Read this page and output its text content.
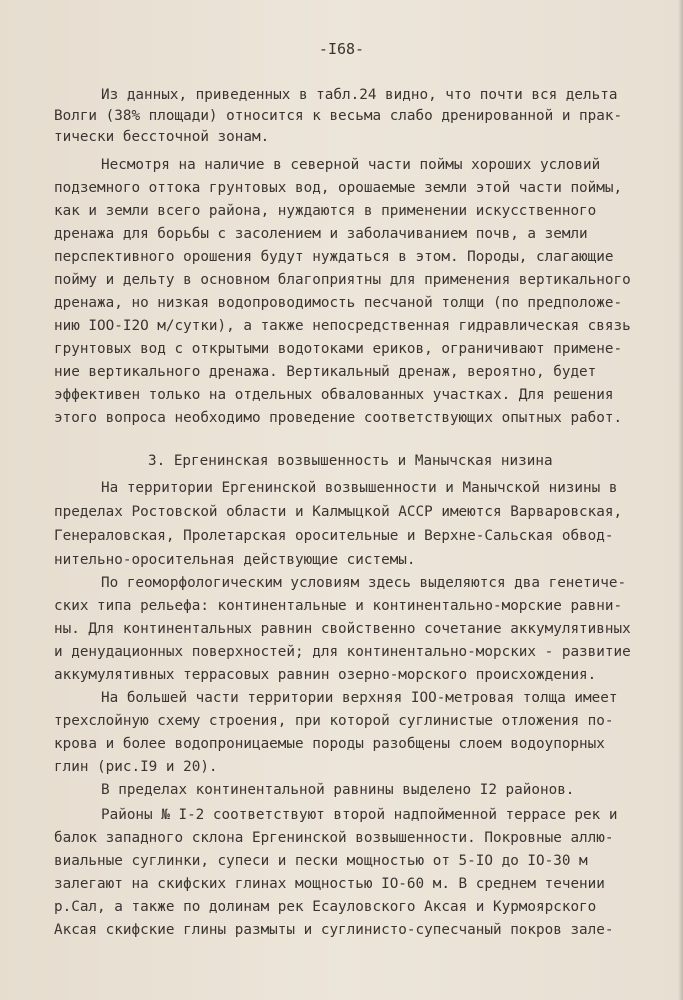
-I68-
Из данных, приведенных в табл.24 видно, что почти вся дельта
Волги (38% площади) относится к весьма слабо дренированной и прак-
тически бессточной зонам.
Несмотря на наличие в северной части поймы хороших условий
подземного оттока грунтовых вод, орошаемые земли этой части поймы,
как и земли всего района, нуждаются в применении искусственного
дренажа для борьбы с засолением и заболачиванием почв, а земли
перспективного орошения будут нуждаться в этом. Породы, слагающие
пойму и дельту в основном благоприятны для применения вертикального
дренажа, но низкая водопроводимость песчаной толщи (по предположе-
нию IOO-I2O м/сутки), а также непосредственная гидравлическая связь
грунтовых вод с открытыми водотоками ериков, ограничивают примене-
ние вертикального дренажа. Вертикальный дренаж, вероятно, будет
эффективен только на отдельных обвалованных участках. Для решения
этого вопроса необходимо проведение соответствующих опытных работ.
3. Ергенинская возвышенность и Манычская низина
На территории Ергенинской возвышенности и Манычской низины в
пределах Ростовской области и Калмыцкой АССР имеются Варваровская,
Генераловская, Пролетарская оросительные и Верхне-Сальская обвод-
нительно-оросительная действующие системы.
По геоморфологическим условиям здесь выделяются два генетиче-
ских типа рельефа: континентальные и континентально-морские равни-
ны. Для континентальных равнин свойственно сочетание аккумулятивных
и денудационных поверхностей; для континентально-морских - развитие
аккумулятивных террасовых равнин озерно-морского происхождения.
На большей части территории верхняя IOO-метровая толща имеет
трехслойную схему строения, при которой суглинистые отложения по-
крова и более водопроницаемые породы разобщены слоем водоупорных
глин (рис.I9 и 20).
В пределах континентальной равнины выделено I2 районов.
Районы № I-2 соответствуют второй надпойменной террасе рек и
балок западного склона Ергенинской возвышенности. Покровные аллю-
виальные суглинки, супеси и пески мощностью от 5-IO до IO-30 м
залегают на скифских глинах мощностью IO-60 м. В среднем течении
р.Сал, а также по долинам рек Есауловского Аксая и Курмоярского
Аксая скифские глины размыты и суглинисто-супесчаный покров зале-
